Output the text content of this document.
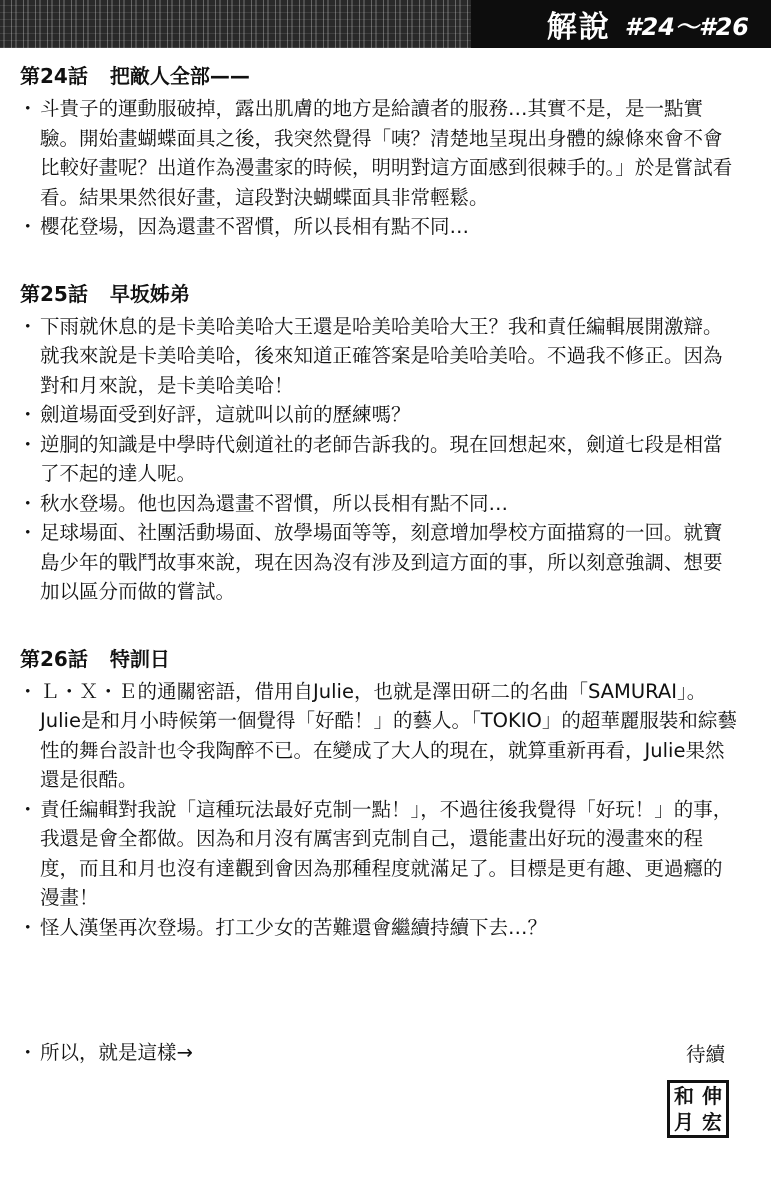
解說 #24〜#26
第24話 把敵人全部——

・ 斗貴子的運動服破掉，露出肌膚的地方是給讀者的服務…其實不是，是一點實驗。開始畫蝴蝶面具之後，我突然覺得「咦？清楚地呈現出身體的線條來會不會比較好畫呢？出道作為漫畫家的時候，明明對這方面感到很棘手的。」於是嘗試看看。結果果然很好畫，這段對決蝴蝶面具非常輕鬆。

・ 櫻花登場，因為還畫不習慣，所以長相有點不同…

第25話 早坂姊弟

・ 下雨就休息的是卡美哈美哈大王還是哈美哈美哈大王？我和責任編輯展開激辯。就我來說是卡美哈美哈，後來知道正確答案是哈美哈美哈。不過我不修正。因為對和月來說，是卡美哈美哈！

・ 劍道場面受到好評，這就叫以前的歷練嗎？

・ 逆胴的知識是中學時代劍道社的老師告訴我的。現在回想起來，劍道七段是相當了不起的達人呢。

・ 秋水登場。他也因為還畫不習慣，所以長相有點不同…

・ 足球場面、社團活動場面、放學場面等等，刻意增加學校方面描寫的一回。就寶島少年的戰鬥故事來說，現在因為沒有涉及到這方面的事，所以刻意強調、想要加以區分而做的嘗試。

第26話 特訓日

・ Ｌ・Ｘ・Ｅ的通關密語，借用自Julie，也就是澤田研二的名曲「SAMURAI」。Julie是和月小時候第一個覺得「好酷！」的藝人。「TOKIO」的超華麗服裝和綜藝性的舞台設計也令我陶醉不已。在變成了大人的現在，就算重新再看，Julie果然還是很酷。

・ 責任編輯對我說「這種玩法最好克制一點！」，不過往後我覺得「好玩！」的事，我還是會全都做。因為和月沒有厲害到克制自己，還能畫出好玩的漫畫來的程度，而且和月也沒有達觀到會因為那種程度就滿足了。目標是更有趣、更過癮的漫畫！

・ 怪人漢堡再次登場。打工少女的苦難還會繼續持續下去…？

・ 所以，就是這樣→	待續
和 伸
月 宏
